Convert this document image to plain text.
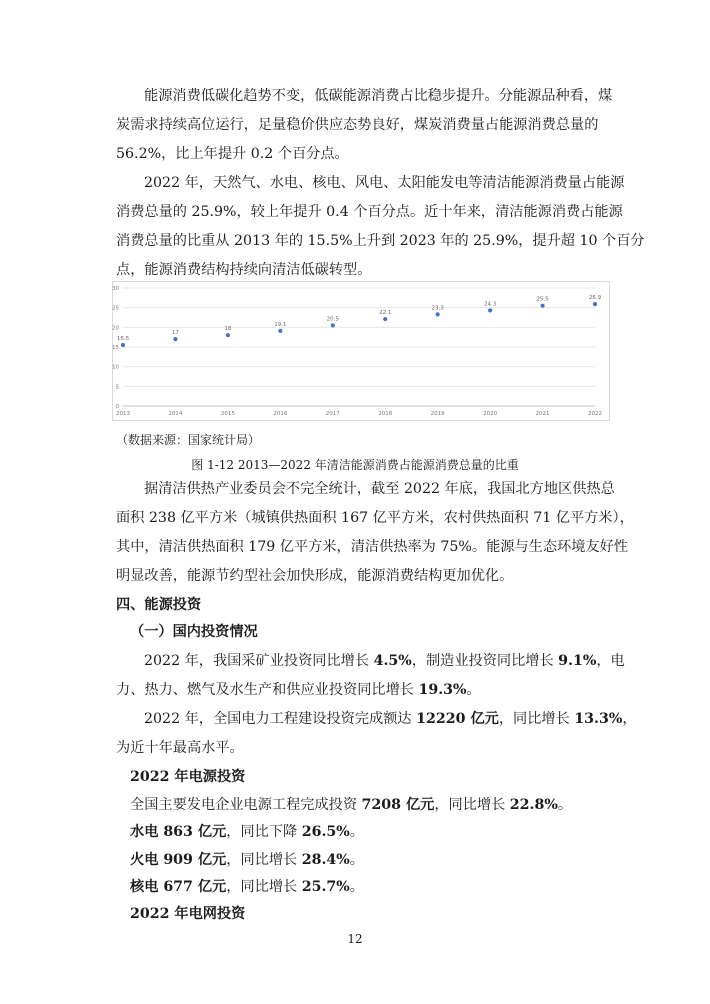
能源消费低碳化趋势不变，低碳能源消费占比稳步提升。分能源品种看，煤
炭需求持续高位运行，足量稳价供应态势良好，煤炭消费量占能源消费总量的
56.2%，比上年提升 0.2 个百分点。
2022 年，天然气、水电、核电、风电、太阳能发电等清洁能源消费量占能源
消费总量的 25.9%，较上年提升 0.4 个百分点。近十年来，清洁能源消费占能源
消费总量的比重从 2013 年的 15.5%上升到 2023 年的 25.9%，提升超 10 个百分
点，能源消费结构持续向清洁低碳转型。
0
5
10
15
20
25
30
2013	2014	2015	2016	2017	2018	2019	2020	2021	2022
15.5
17
18
19.1
20.5
22.1
23.3
24.3
25.5	25.9
（数据来源：国家统计局）
图 1-12 2013—2022 年清洁能源消费占能源消费总量的比重
据清洁供热产业委员会不完全统计，截至 2022 年底，我国北方地区供热总
面积 238 亿平方米（城镇供热面积 167 亿平方米，农村供热面积 71 亿平方米），
其中，清洁供热面积 179 亿平方米，清洁供热率为 75%。能源与生态环境友好性
明显改善，能源节约型社会加快形成，能源消费结构更加优化。
四、能源投资
（一）国内投资情况
2022 年，我国采矿业投资同比增长 4.5%，制造业投资同比增长 9.1%，电
力、热力、燃气及水生产和供应业投资同比增长 19.3%。
2022 年，全国电力工程建设投资完成额达 12220 亿元，同比增长 13.3%，
为近十年最高水平。
2022 年电源投资
全国主要发电企业电源工程完成投资 7208 亿元，同比增长 22.8%。
水电 863 亿元，同比下降 26.5%。
火电 909 亿元，同比增长 28.4%。
核电 677 亿元，同比增长 25.7%。
2022 年电网投资
12
